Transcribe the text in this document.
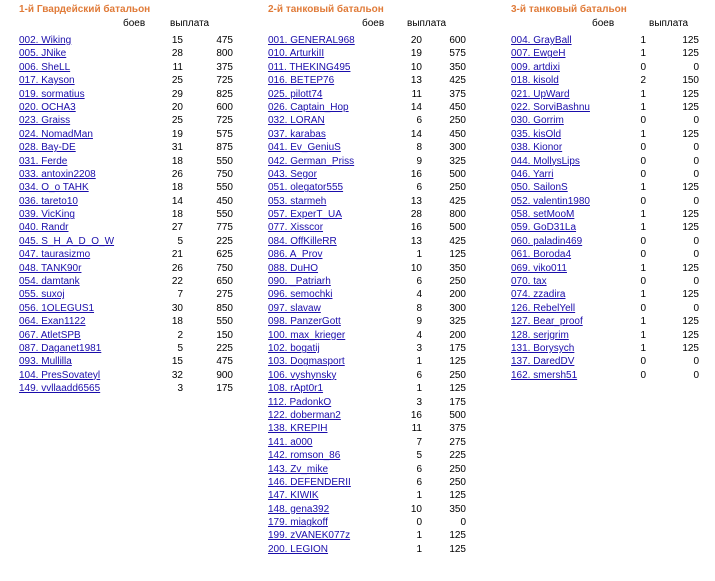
1-й Гвардейский батальон
боев выплата
002. Wiking	15	475
005. JNike	28	800
006. SheLL	11	375
017. Kayson	25	725
019. sormatius	29	825
020. OCHA3	20	600
023. Graiss	25	725
024. NomadMan	19	575
028. Bay-DE	31	875
031. Ferde	18	550
033. antoxin2208	26	750
034. O_o TAHK	18	550
036. tareto10	14	450
039. VicKing	18	550
040. Randr	27	775
045. S_H_A_D_O_W	5	225
047. taurasizmo	21	625
048. TANK90r	26	750
054. damtank	22	650
055. suxoj	7	275
056. 1OLEGUS1	30	850
064. Exan1122	18	550
067. AtletSPB	2	150
087. Daganet1981	5	225
093. Mullilla	15	475
104. PresSovateyl	32	900
149. vvllaadd6565	3	175
2-й танковый батальон
боев выплата
001. GENERAL968	20	600
010. ArturkiII	19	575
011. THEKING495	10	350
016. BETEP76	13	425
025. pilott74	11	375
026. Captain_Hop	14	450
032. LORAN	6	250
037. karabas	14	450
041. Ev_GeniuS	8	300
042. German_Priss	9	325
043. Segor	16	500
051. olegator555	6	250
053. starmeh	13	425
057. ExperT_UA	28	800
077. Xisscor	16	500
084. OffKilleRR	13	425
086. A_Prov	1	125
088. DuHO	10	350
090. _Patriarh	6	250
096. semochki	4	200
097. slavaw	8	300
098. PanzerGott	9	325
100. max_krieger	4	200
102. bogatij	3	175
103. Dogmasport	1	125
106. vyshynsky	6	250
108. rApt0r1	1	125
112. PadonkO	3	175
122. doberman2	16	500
138. KREPIH	11	375
141. a000	7	275
142. romson_86	5	225
143. Zv_mike	6	250
146. DEFENDERII	6	250
147. KIWIK	1	125
148. gena392	10	350
179. miagkoff	0	0
199. zVANEK077z	1	125
200. LEGION	1	125
3-й танковый батальон
боев	выплата
004. GrayBall	1	125
007. EwgeH	1	125
009. artdixi	0	0
018. kisold	2	150
021. UpWard	1	125
022. SorviBashnu	1	125
030. Gorrim	0	0
035. kisOld	1	125
038. Kionor	0	0
044. MollysLips	0	0
046. Yarri	0	0
050. SailonS	1	125
052. valentin1980	0	0
058. setMooM	1	125
059. GoD31La	1	125
060. paladin469	0	0
061. Boroda4	0	0
069. viko011	1	125
070. tax	0	0
074. zzadira	1	125
126. RebelYell	0	0
127. Bear_proof	1	125
128. serjgrim	1	125
131. Borysych	1	125
137. DaredDV	0	0
162. smersh51	0	0
